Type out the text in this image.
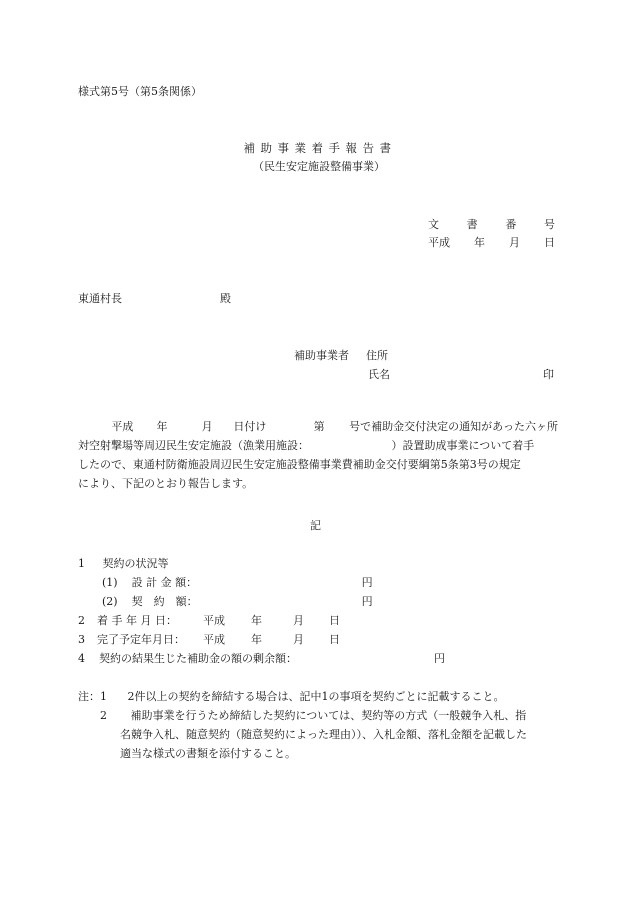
様式第5号（第5条関係）
補助事業着手報告書
（民生安定施設整備事業）
文	書	番	号
平成 年 月 日
東通村長	殿
補助事業者 住所
氏名	印
平成	年	月	日付け	第	号で補助金交付決定の通知があった六ヶ所
対空射撃場等周辺民生安定施設（漁業用施設：　　　　　　　　）設置助成事業について着手
したので、東通村防衛施設周辺民生安定施設整備事業費補助金交付要綱第5条第3号の規定
により、下記のとおり報告します。
記
1 契約の状況等
(1) 設 計 金 額：	円
(2) 契　約　額：	円
2 着 手 年 月 日：	平成	年	月	日
3 完了予定年月日：	平成	年	月	日
4 契約の結果生じた補助金の額の剰余額：	円
注：1 2件以上の契約を締結する場合は、記中1の事項を契約ごとに記載すること。
2 補助事業を行うため締結した契約については、契約等の方式（一般競争入札、指
名競争入札、随意契約（随意契約によった理由））、入札金額、落札金額を記載した
適当な様式の書類を添付すること。
